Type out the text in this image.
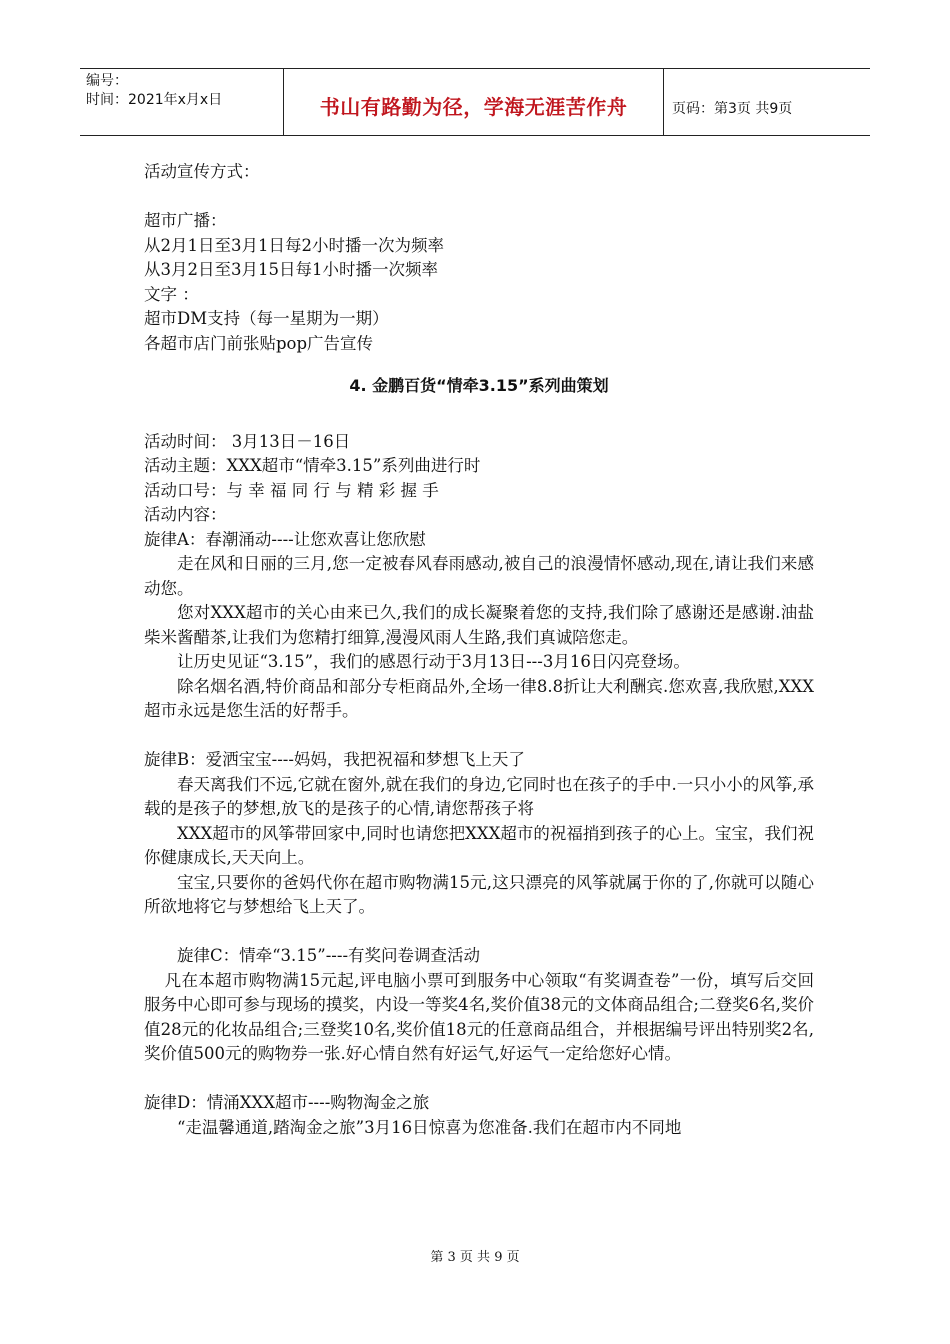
编号：
时间：2021年x月x日	书山有路勤为径，学海无涯苦作舟	页码：第3页 共9页

活动宣传方式：

超市广播：

从2月1日至3月1日每2小时播一次为频率

从3月2日至3月15日每1小时播一次频率

文字 ：

超市DM支持（每一星期为一期）

各超市店门前张贴pop广告宣传

4. 金鹏百货“情牵3.15”系列曲策划

活动时间： 3月13日－16日

活动主题：XXX超市“情牵3.15”系列曲进行时

活动口号：与 幸 福 同 行 与 精 彩 握 手

活动内容：

旋律A：春潮涌动----让您欢喜让您欣慰

走在风和日丽的三月,您一定被春风春雨感动,被自己的浪漫情怀感动,现在,请让我们来感动您。

您对XXX超市的关心由来已久,我们的成长凝聚着您的支持,我们除了感谢还是感谢.油盐柴米酱醋茶,让我们为您精打细算,漫漫风雨人生路,我们真诚陪您走。

让历史见证“3.15”，我们的感恩行动于3月13日---3月16日闪亮登场。

除名烟名酒,特价商品和部分专柜商品外,全场一律8.8折让大利酬宾.您欢喜,我欣慰,XXX超市永远是您生活的好帮手。

旋律B：爱洒宝宝----妈妈，我把祝福和梦想飞上天了

春天离我们不远,它就在窗外,就在我们的身边,它同时也在孩子的手中.一只小小的风筝,承载的是孩子的梦想,放飞的是孩子的心情,请您帮孩子将

XXX超市的风筝带回家中,同时也请您把XXX超市的祝福捎到孩子的心上。宝宝，我们祝你健康成长,天天向上。

宝宝,只要你的爸妈代你在超市购物满15元,这只漂亮的风筝就属于你的了,你就可以随心所欲地将它与梦想给飞上天了。

旋律C：情牵“3.15”----有奖问卷调查活动

凡在本超市购物满15元起,评电脑小票可到服务中心领取“有奖调查卷”一份，填写后交回服务中心即可参与现场的摸奖，内设一等奖4名,奖价值38元的文体商品组合;二登奖6名,奖价值28元的化妆品组合;三登奖10名,奖价值18元的任意商品组合，并根据编号评出特别奖2名,奖价值500元的购物券一张.好心情自然有好运气,好运气一定给您好心情。

旋律D：情涌XXX超市----购物淘金之旅

“走温馨通道,踏淘金之旅”3月16日惊喜为您准备.我们在超市内不同地

第 3 页 共 9 页
